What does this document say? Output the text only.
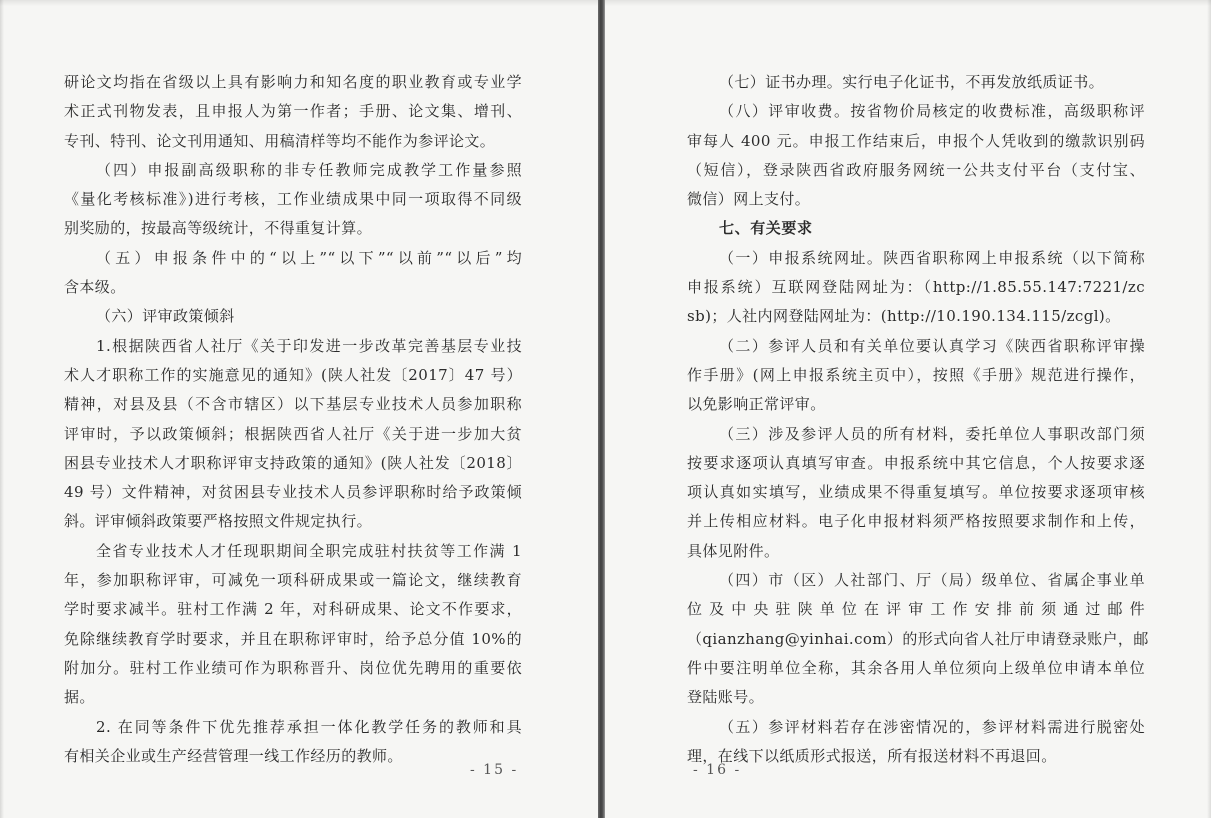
研论文均指在省级以上具有影响力和知名度的职业教育或专业学
术正式刊物发表，且申报人为第一作者；手册、论文集、增刊、
专刊、特刊、论文刊用通知、用稿清样等均不能作为参评论文。
（四）申报副高级职称的非专任教师完成教学工作量参照
《量化考核标准》)进行考核，工作业绩成果中同一项取得不同级
别奖励的，按最高等级统计，不得重复计算。
（五）申报条件中的“以上”“以下”“以前”“以后”均
含本级。
（六）评审政策倾斜
1.根据陕西省人社厅《关于印发进一步改革完善基层专业技
术人才职称工作的实施意见的通知》(陕人社发〔2017〕47 号）
精神，对县及县（不含市辖区）以下基层专业技术人员参加职称
评审时，予以政策倾斜；根据陕西省人社厅《关于进一步加大贫
困县专业技术人才职称评审支持政策的通知》(陕人社发〔2018〕
49 号）文件精神，对贫困县专业技术人员参评职称时给予政策倾
斜。评审倾斜政策要严格按照文件规定执行。
全省专业技术人才任现职期间全职完成驻村扶贫等工作满 1
年，参加职称评审，可减免一项科研成果或一篇论文，继续教育
学时要求减半。驻村工作满 2 年，对科研成果、论文不作要求，
免除继续教育学时要求，并且在职称评审时，给予总分值 10%的
附加分。驻村工作业绩可作为职称晋升、岗位优先聘用的重要依
据。
2. 在同等条件下优先推荐承担一体化教学任务的教师和具
有相关企业或生产经营管理一线工作经历的教师。
- 15 -
（七）证书办理。实行电子化证书，不再发放纸质证书。
（八）评审收费。按省物价局核定的收费标准，高级职称评
审每人 400 元。申报工作结束后，申报个人凭收到的缴款识别码
（短信），登录陕西省政府服务网统一公共支付平台（支付宝、
微信）网上支付。
七、有关要求
（一）申报系统网址。陕西省职称网上申报系统（以下简称
申报系统）互联网登陆网址为：（http://1.85.55.147:7221/zc
sb)；人社内网登陆网址为：(http://10.190.134.115/zcgl)。
（二）参评人员和有关单位要认真学习《陕西省职称评审操
作手册》(网上申报系统主页中），按照《手册》规范进行操作，
以免影响正常评审。
（三）涉及参评人员的所有材料，委托单位人事职改部门须
按要求逐项认真填写审查。申报系统中其它信息，个人按要求逐
项认真如实填写，业绩成果不得重复填写。单位按要求逐项审核
并上传相应材料。电子化申报材料须严格按照要求制作和上传，
具体见附件。
（四）市（区）人社部门、厅（局）级单位、省属企事业单
位及中央驻陕单位在评审工作安排前须通过邮件
（qianzhang@yinhai.com）的形式向省人社厅申请登录账户，邮
件中要注明单位全称，其余各用人单位须向上级单位申请本单位
登陆账号。
（五）参评材料若存在涉密情况的，参评材料需进行脱密处
理，在线下以纸质形式报送，所有报送材料不再退回。
- 16 -
